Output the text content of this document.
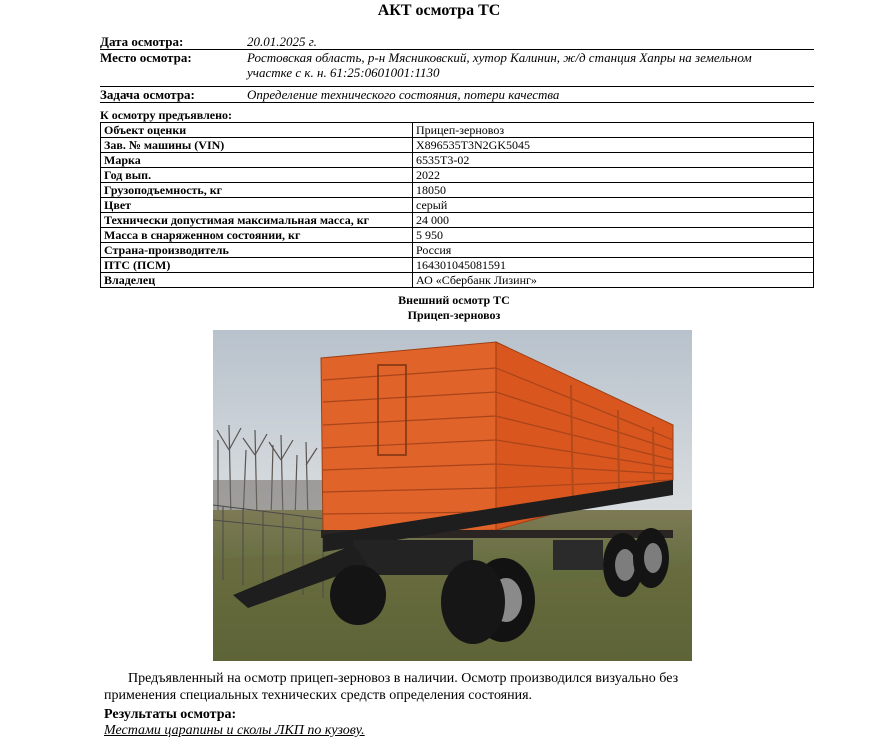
АКТ осмотра ТС
Дата осмотра:	20.01.2025 г.
Место осмотра:	Ростовская область, р-н Мясниковский, хутор Калинин, ж/д станция Хапры на земельном
участке с к. н. 61:25:0601001:1130
Задача осмотра:	Определение технического состояния, потери качества
К осмотру предъявлено:
Объект оценки	Прицеп-зерновоз
Зав. № машины (VIN)	X896535T3N2GK5045
Марка	6535T3-02
Год вып.	2022
Грузоподъемность, кг	18050
Цвет	серый
Технически допустимая максимальная масса, кг	24 000
Масса в снаряженном состоянии, кг	5 950
Страна-производитель	Россия
ПТС (ПСМ)	164301045081591
Владелец	АО «Сбербанк Лизинг»
Внешний осмотр ТС
Прицеп-зерновоз
Предъявленный на осмотр прицеп-зерновоз в наличии. Осмотр производился визуально без
применения специальных технических средств определения состояния.
Результаты осмотра:
Местами царапины и сколы ЛКП по кузову.
